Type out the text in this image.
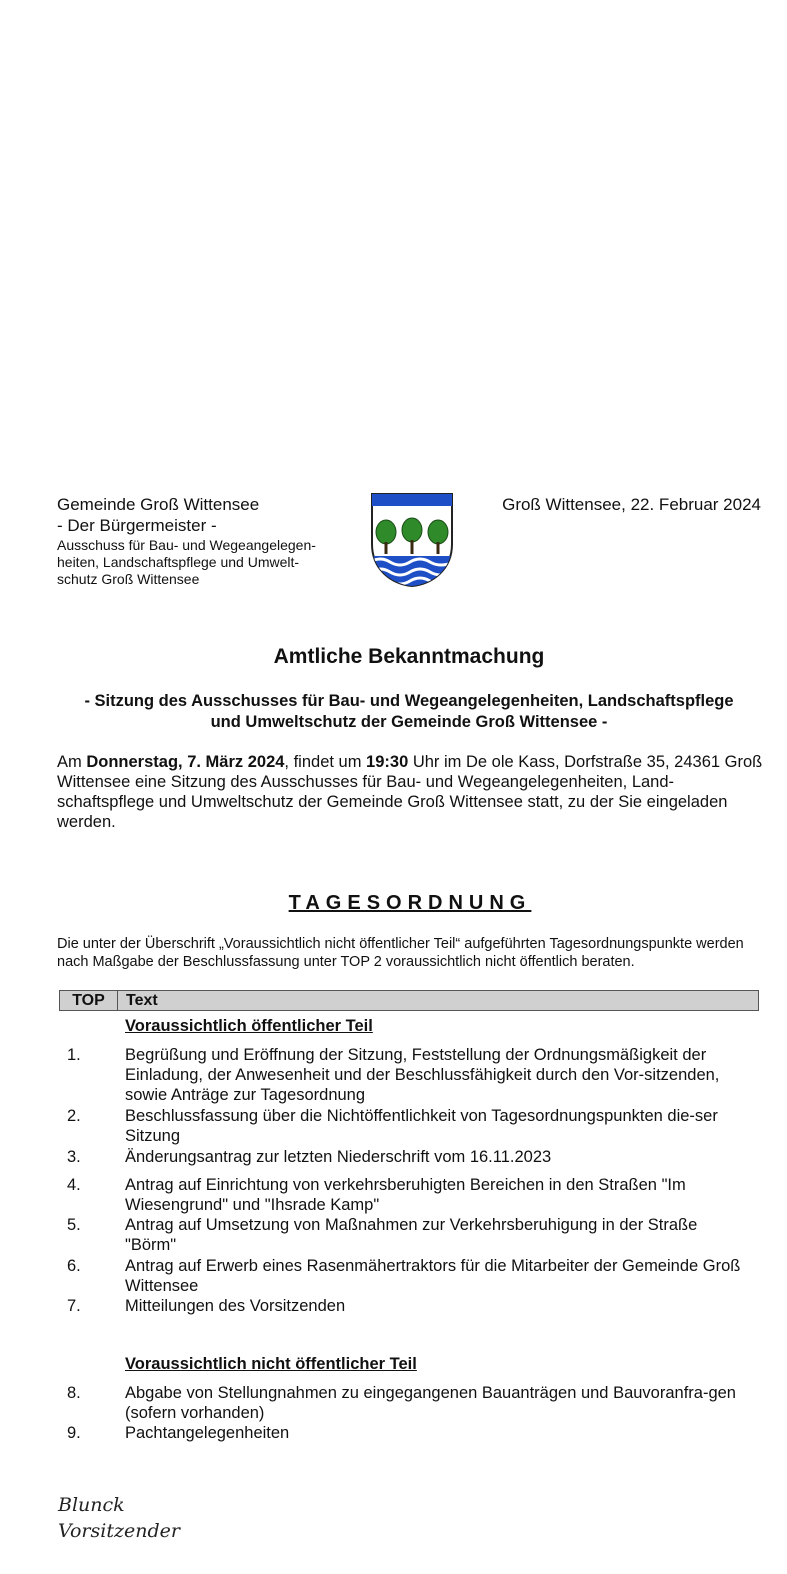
Gemeinde Groß Wittensee
- Der Bürgermeister -
Ausschuss für Bau- und Wegeangelegen-
heiten, Landschaftspflege und Umwelt-
schutz Groß Wittensee
Groß Wittensee, 22. Februar 2024
Amtliche Bekanntmachung
- Sitzung des Ausschusses für Bau- und Wegeangelegenheiten, Landschaftspflege
und Umweltschutz der Gemeinde Groß Wittensee -
Am Donnerstag, 7. März 2024, findet um 19:30 Uhr im De ole Kass, Dorfstraße 35, 24361 Groß Wittensee eine Sitzung des Ausschusses für Bau- und Wegeangelegenheiten, Land-schaftspflege und Umweltschutz der Gemeinde Groß Wittensee statt, zu der Sie eingeladen werden.
TAGESORDNUNG
Die unter der Überschrift „Voraussichtlich nicht öffentlicher Teil“ aufgeführten Tagesordnungspunkte werden nach Maßgabe der Beschlussfassung unter TOP 2 voraussichtlich nicht öffentlich beraten.
TOP	Text
Voraussichtlich öffentlicher Teil
1.	Begrüßung und Eröffnung der Sitzung, Feststellung der Ordnungsmäßigkeit der Einladung, der Anwesenheit und der Beschlussfähigkeit durch den Vor-sitzenden, sowie Anträge zur Tagesordnung
2.	Beschlussfassung über die Nichtöffentlichkeit von Tagesordnungspunkten die-ser Sitzung
3.	Änderungsantrag zur letzten Niederschrift vom 16.11.2023
4.	Antrag auf Einrichtung von verkehrsberuhigten Bereichen in den Straßen "Im Wiesengrund" und "Ihsrade Kamp"
5.	Antrag auf Umsetzung von Maßnahmen zur Verkehrsberuhigung in der Straße "Börm"
6.	Antrag auf Erwerb eines Rasenmähertraktors für die Mitarbeiter der Gemeinde Groß Wittensee
7.	Mitteilungen des Vorsitzenden
Voraussichtlich nicht öffentlicher Teil
8.	Abgabe von Stellungnahmen zu eingegangenen Bauanträgen und Bauvoranfra-gen (sofern vorhanden)
9.	Pachtangelegenheiten
Blunck
Vorsitzender
